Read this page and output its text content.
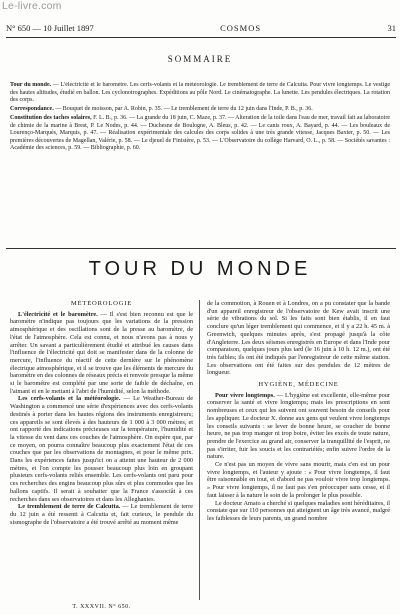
Le-livre.com
N° 650 — 10 Juillet 1897	COSMOS	31
SOMMAIRE

Tour du monde. — L'électricité et le baromètre. Les cerfs-volants et la météorologie. Le tremblement de terre de Calcutta. Pour vivre longtemps. Le vestige des hautes altitudes, étudié en ballon. Les cyclonotrographes. Expéditions au pôle Nord. Le cinématographe. La lunette. Les pendules électriques. La rotation des corps.

Correspondance. — Bouquet de moisson, par A. Robin, p. 35. — Le tremblement de terre du 12 juin dans l'Inde, P. B., p. 36.

Constitution des taches solaires, F. L. B., p. 36. — La grande du 18 juin, C. Maze, p. 37. — Alteration de la toile dans l'eau de mer, travail fait au laboratoire de chimie de la marine à Brest, P. Le Nodes, p. 44. — Duchesne de Boulogne, A. Bleus, p. 42. — Le canis roux, A. Bayard, p. 44. — Les bouleaux de Lourenço-Marquès, Marquis, p. 47. — Réalisation expérimentale des calcules des corps solides à une très grande vitesse, Jacques Baxter, p. 50. — Les premières découvertes de Magellan, Valérie, p. 58. — Le djeuel de Finistère, p. 53. — L'Observatoire du collège Harvard, O. L., p. 58. — Sociétés savantes : Académie des sciences, p. 59. — Bibliographie, p. 60.

TOUR DU MONDE
MÉTÉOROLOGIE

L'électricité et le baromètre. — Il s'est bien reconnu est que le baromètre n'indique pas toujours que les variations de la pression atmosphérique et des oscillations sont de la presse au baromètre, de l'état de l'atmosphère. Cela est connu, et nous n'avons pas à nous y arrêter. Un savant a particulièrement étudié et attribué les causes dans l'influence de l'électricité qui doit se manifester dans de la colonne de mercure, l'influence du réactif de cette dernière sur le phénomène électrique atmosphérique, et il se trouve que les éléments de mercure du baromètre en des colonnes de réseaux précis et renvoie presque la même si le barométre est complété par une sorte de faible de déchaîne, en l'aimant et en le mettant à l'abri de l'humidité, selon la méthode.

Les cerfs-volants et la météorologie. — Le Weather-Bureau de Washington a commencé une série d'expériences avec des cerfs-volants destinés à porter dans les hautes régions des instruments enregistreurs; ces appareils se sont élevés à des hauteurs de 1 000 à 3 000 mètres, et ont rapporté des indications précieuses sur la température, l'humidité et la vitesse du vent dans ces couches de l'atmosphère. On espère que, par ce moyen, on pourra connaître beaucoup plus exactement l'état de ces couches que par les observations de montagnes, et pour le même prix. Dans les expériences faites jusqu'ici on a atteint une hauteur de 2 000 mètres, et l'on compte les pousser beaucoup plus loin en groupant plusieurs cerfs-volants reliés ensemble. Les cerfs-volants ont paru pour ces recherches des engins beaucoup plus sûrs et plus commodes que les ballons captifs. Il serait à souhaiter que la France s'associât à ces recherches dans ses observatoires et dans les Alleghanies.

Le tremblement de terre de Calcutta. — Le tremblement de terre du 12 juin a été ressenti à Calcutta et, fait curieux, le pendule du sismographe de l'observatoire a été trouvé arrêté au moment même

de la commotion, à Rouen et à Londres, on a pu constater que la bande d'un appareil enregistreur de l'observatoire de Kew avait inscrit une série de vibrations du sol. Si les faits sont bien établis, il en faut conclure qu'un léger tremblement qui commence, et il y a 22 h. 45 m. à Greenwich, quelques minutes après, s'est propagé jusqu'à la côte d'Angleterre. Les deux séismes enregistrés en Europe et dans l'Inde pour comparaison, quelques jours plus tard (le 16 juin à 10 h. 12 m.), ont été très faibles; ils ont été indiqués par l'enregistreur de cette même station. Les observations ont été faites sur des pendules de 12 mètres de longueur.

HYGIÈNE, MÉDECINE

Pour vivre longtemps. — L'hygiène est excellente, elle-même pour conserver la santé et vivre longtemps; mais les prescriptions en sont nombreuses et ceux qui les suivent ont souvent besoin de conseils pour les appliquer. Le docteur X. donne aux gens qui veulent vivre longtemps les conseils suivants : se lever de bonne heure, se coucher de bonne heure, ne pas trop manger ni trop boire, éviter les excès de toute nature, prendre de l'exercice au grand air, conserver la tranquillité de l'esprit, ne pas s'irriter, fuir les soucis et les contrariétés; enfin suivre l'ordre de la nature.

Ce n'est pas un moyen de vivre sans mourir, mais c'en est un pour vivre longtemps, et l'auteur y ajoute : « Pour vivre longtemps, il faut être raisonnable en tout, et d'abord ne pas vouloir vivre trop longtemps. » Pour vivre longtemps, il ne faut pas s'en préoccuper sans cesse, et il faut laisser à la nature le soin de la prolonger le plus possible.

Le docteur Amato a cherché si quelques maladies sont héréditaires, il constate que sur 110 personnes qui atteignent un âge très avancé, malgré les faiblesses de leurs parents, un grand nombre

T. XXXVII. N° 650.
